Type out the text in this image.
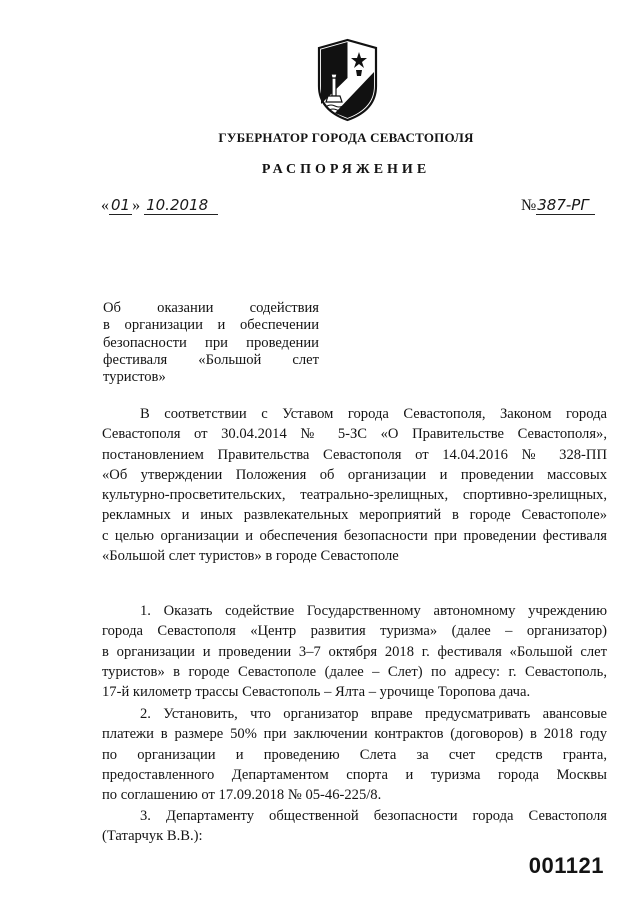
ГУБЕРНАТОР ГОРОДА СЕВАСТОПОЛЯ
РАСПОРЯЖЕНИЕ
« 01 » 10.2018	№387-РГ
Об оказании содействия
в организации и обеспечении
безопасности при проведении
фестиваля «Большой слет
туристов»
В соответствии с Уставом города Севастополя, Законом города
Севастополя от 30.04.2014 № 5-ЗС «О Правительстве Севастополя»,
постановлением Правительства Севастополя от 14.04.2016 № 328-ПП
«Об утверждении Положения об организации и проведении массовых
культурно-просветительских, театрально-зрелищных, спортивно-зрелищных,
рекламных и иных развлекательных мероприятий в городе Севастополе»
с целью организации и обеспечения безопасности при проведении фестиваля
«Большой слет туристов» в городе Севастополе
1. Оказать содействие Государственному автономному учреждению
города Севастополя «Центр развития туризма» (далее – организатор)
в организации и проведении 3–7 октября 2018 г. фестиваля «Большой слет
туристов» в городе Севастополе (далее – Слет) по адресу: г. Севастополь,
17-й километр трассы Севастополь – Ялта – урочище Торопова дача.
2. Установить, что организатор вправе предусматривать авансовые
платежи в размере 50% при заключении контрактов (договоров) в 2018 году
по организации и проведению Слета за счет средств гранта,
предоставленного Департаментом спорта и туризма города Москвы
по соглашению от 17.09.2018 № 05-46-225/8.
3. Департаменту общественной безопасности города Севастополя
(Татарчук В.В.):
001121
